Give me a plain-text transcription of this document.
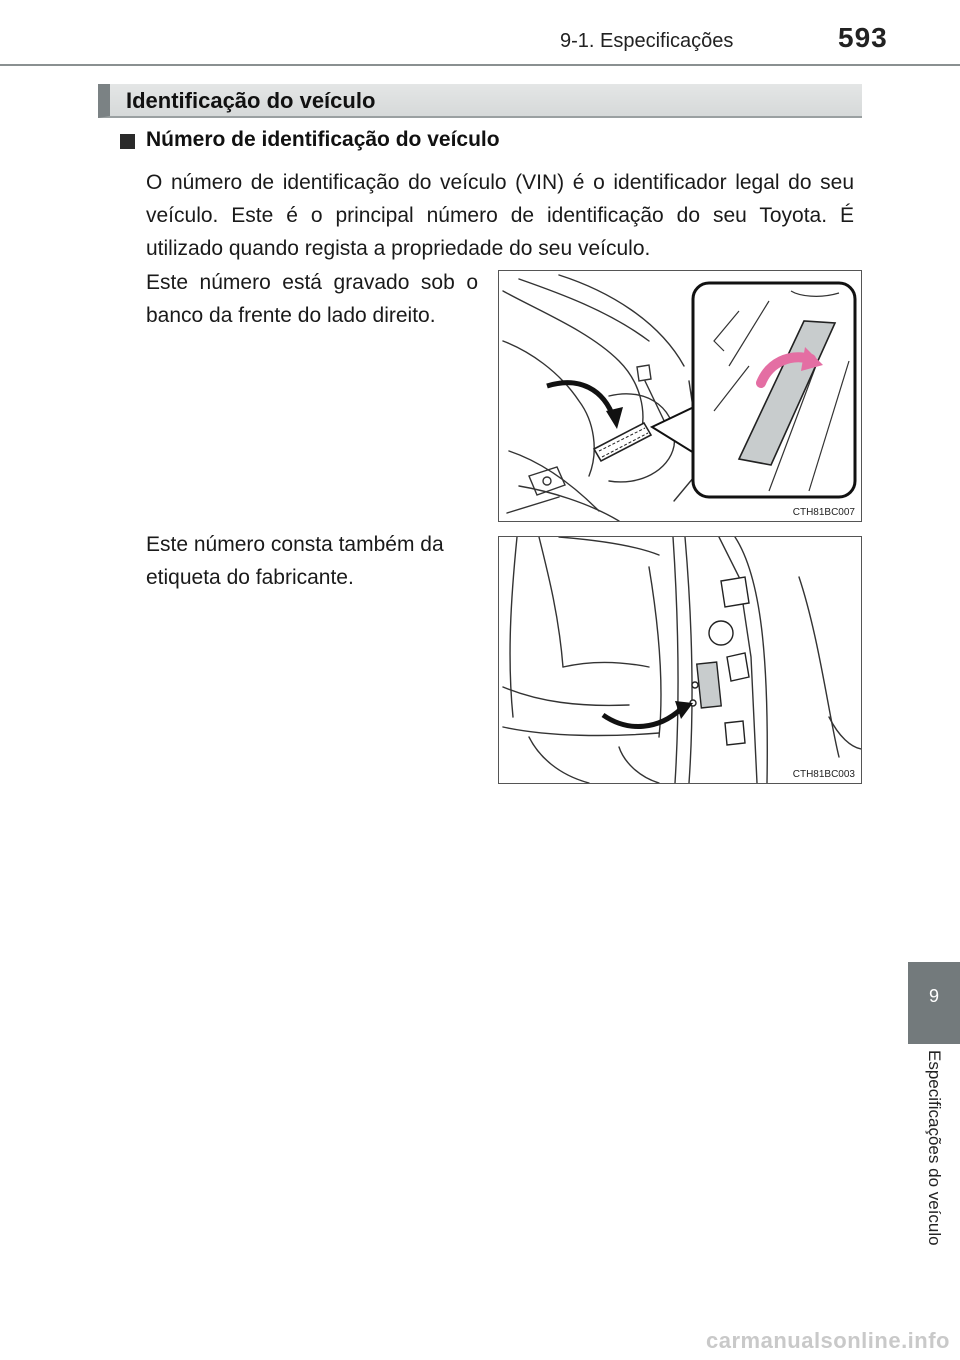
9-1. Especificações	593
Identificação do veículo
Número de identificação do veículo
O número de identificação do veículo (VIN) é o identificador legal do seu veículo. Este é o principal número de identificação do seu Toyota. É utilizado quando regista a propriedade do seu veículo.
Este número está gravado sob o banco da frente do lado direito.
Este número consta também da etiqueta do fabricante.
CTH81BC007
CTH81BC003
9
Especificações do veículo
carmanualsonline.info
